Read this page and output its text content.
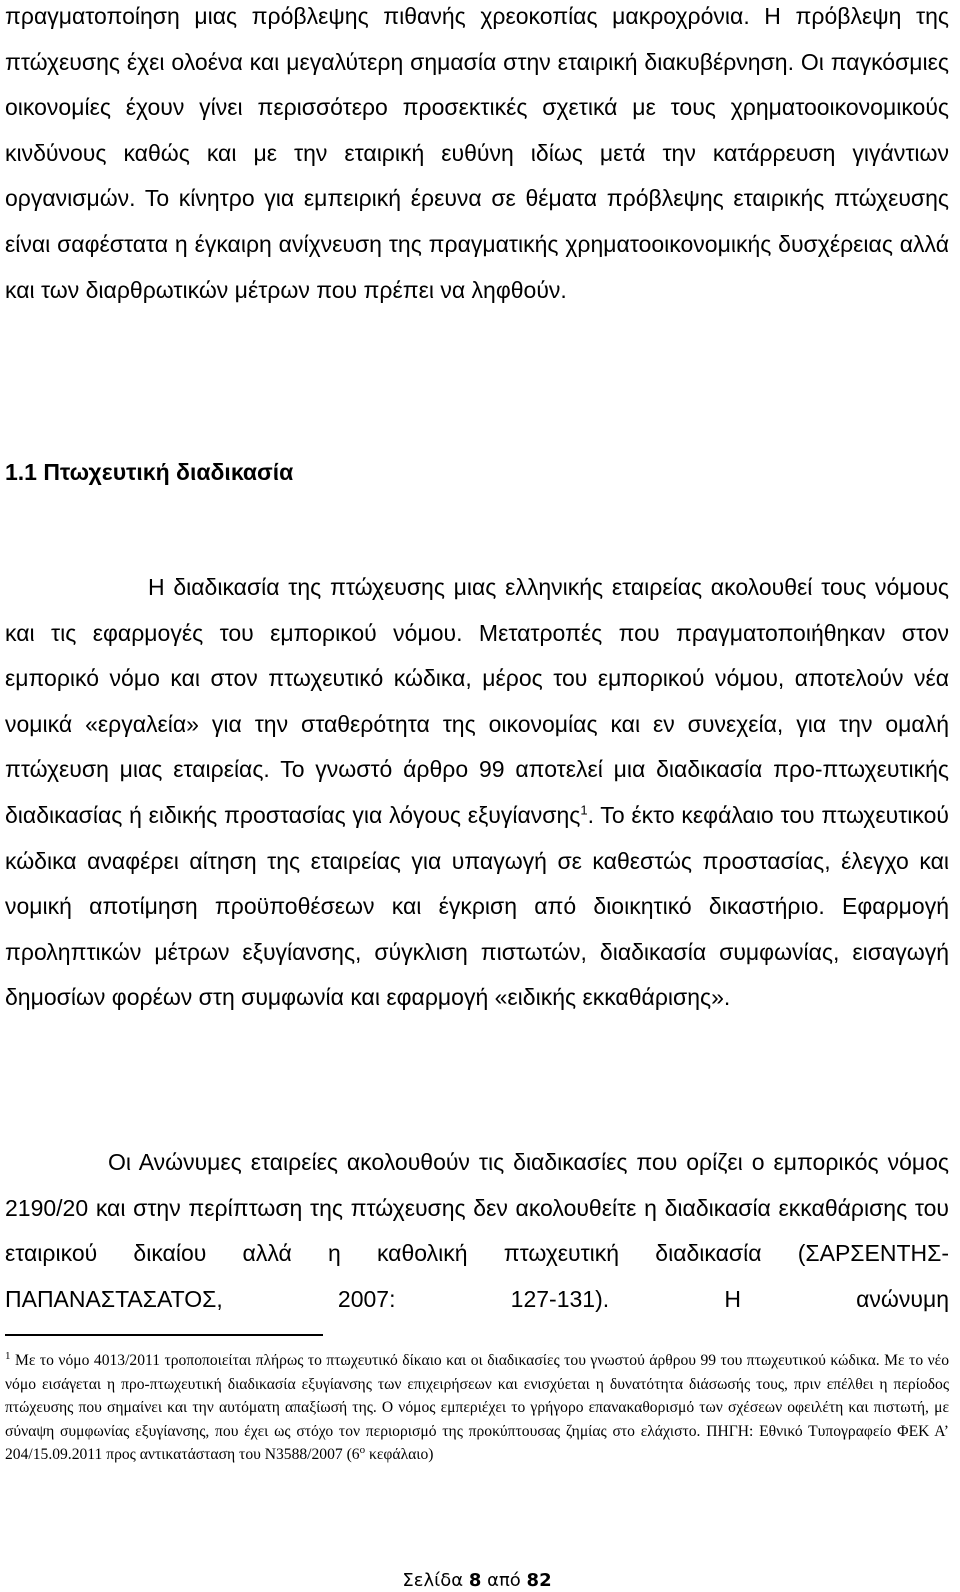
πραγματοποίηση μιας πρόβλεψης πιθανής χρεοκοπίας μακροχρόνια. Η πρόβλεψη της πτώχευσης έχει ολοένα και μεγαλύτερη σημασία στην εταιρική διακυβέρνηση. Οι παγκόσμιες οικονομίες έχουν γίνει περισσότερο προσεκτικές σχετικά με τους χρηματοοικονομικούς κινδύνους καθώς και με την εταιρική ευθύνη ιδίως μετά την κατάρρευση γιγάντιων οργανισμών. Το κίνητρο για εμπειρική έρευνα σε θέματα πρόβλεψης εταιρικής πτώχευσης είναι σαφέστατα η έγκαιρη ανίχνευση της πραγματικής χρηματοοικονομικής δυσχέρειας αλλά και των διαρθρωτικών μέτρων που πρέπει να ληφθούν.

1.1 Πτωχευτική διαδικασία

Η διαδικασία της πτώχευσης μιας ελληνικής εταιρείας ακολουθεί τους νόμους και τις εφαρμογές του εμπορικού νόμου. Μετατροπές που πραγματοποιήθηκαν στον εμπορικό νόμο και στον πτωχευτικό κώδικα, μέρος του εμπορικού νόμου, αποτελούν νέα νομικά «εργαλεία» για την σταθερότητα της οικονομίας και εν συνεχεία, για την ομαλή πτώχευση μιας εταιρείας. Το γνωστό άρθρο 99 αποτελεί μια διαδικασία προ-πτωχευτικής διαδικασίας ή ειδικής προστασίας για λόγους εξυγίανσης$^1$. Το έκτο κεφάλαιο του πτωχευτικού κώδικα αναφέρει αίτηση της εταιρείας για υπαγωγή σε καθεστώς προστασίας, έλεγχο και νομική αποτίμηση προϋποθέσεων και έγκριση από διοικητικό δικαστήριο. Εφαρμογή προληπτικών μέτρων εξυγίανσης, σύγκλιση πιστωτών, διαδικασία συμφωνίας, εισαγωγή δημοσίων φορέων στη συμφωνία και εφαρμογή «ειδικής εκκαθάρισης».

Οι Ανώνυμες εταιρείες ακολουθούν τις διαδικασίες που ορίζει ο εμπορικός νόμος 2190/20 και στην περίπτωση της πτώχευσης δεν ακολουθείτε η διαδικασία εκκαθάρισης του εταιρικού δικαίου αλλά η καθολική πτωχευτική διαδικασία (ΣΑΡΣΕΝΤΗΣ-ΠΑΠΑΝΑΣΤΑΣΑΤΟΣ, 2007: 127-131). Η ανώνυμη

$^1$ Με το νόμο 4013/2011 τροποποιείται πλήρως το πτωχευτικό δίκαιο και οι διαδικασίες του γνωστού άρθρου 99 του πτωχευτικού κώδικα. Με το νέο νόμο εισάγεται η προ-πτωχευτική διαδικασία εξυγίανσης των επιχειρήσεων και ενισχύεται η δυνατότητα διάσωσής τους, πριν επέλθει η περίοδος πτώχευσης που σημαίνει και την αυτόματη απαξίωσή της. Ο νόμος εμπεριέχει το γρήγορο επανακαθορισμό των σχέσεων οφειλέτη και πιστωτή, με σύναψη συμφωνίας εξυγίανσης, που έχει ως στόχο τον περιορισμό της προκύπτουσας ζημίας στο ελάχιστο. ΠΗΓΗ: Εθνικό Τυπογραφείο ΦΕΚ Α’ 204/15.09.2011 προς αντικατάσταση του Ν3588/2007 ($6^o$ κεφάλαιο)

Σελίδα 8 από 82
